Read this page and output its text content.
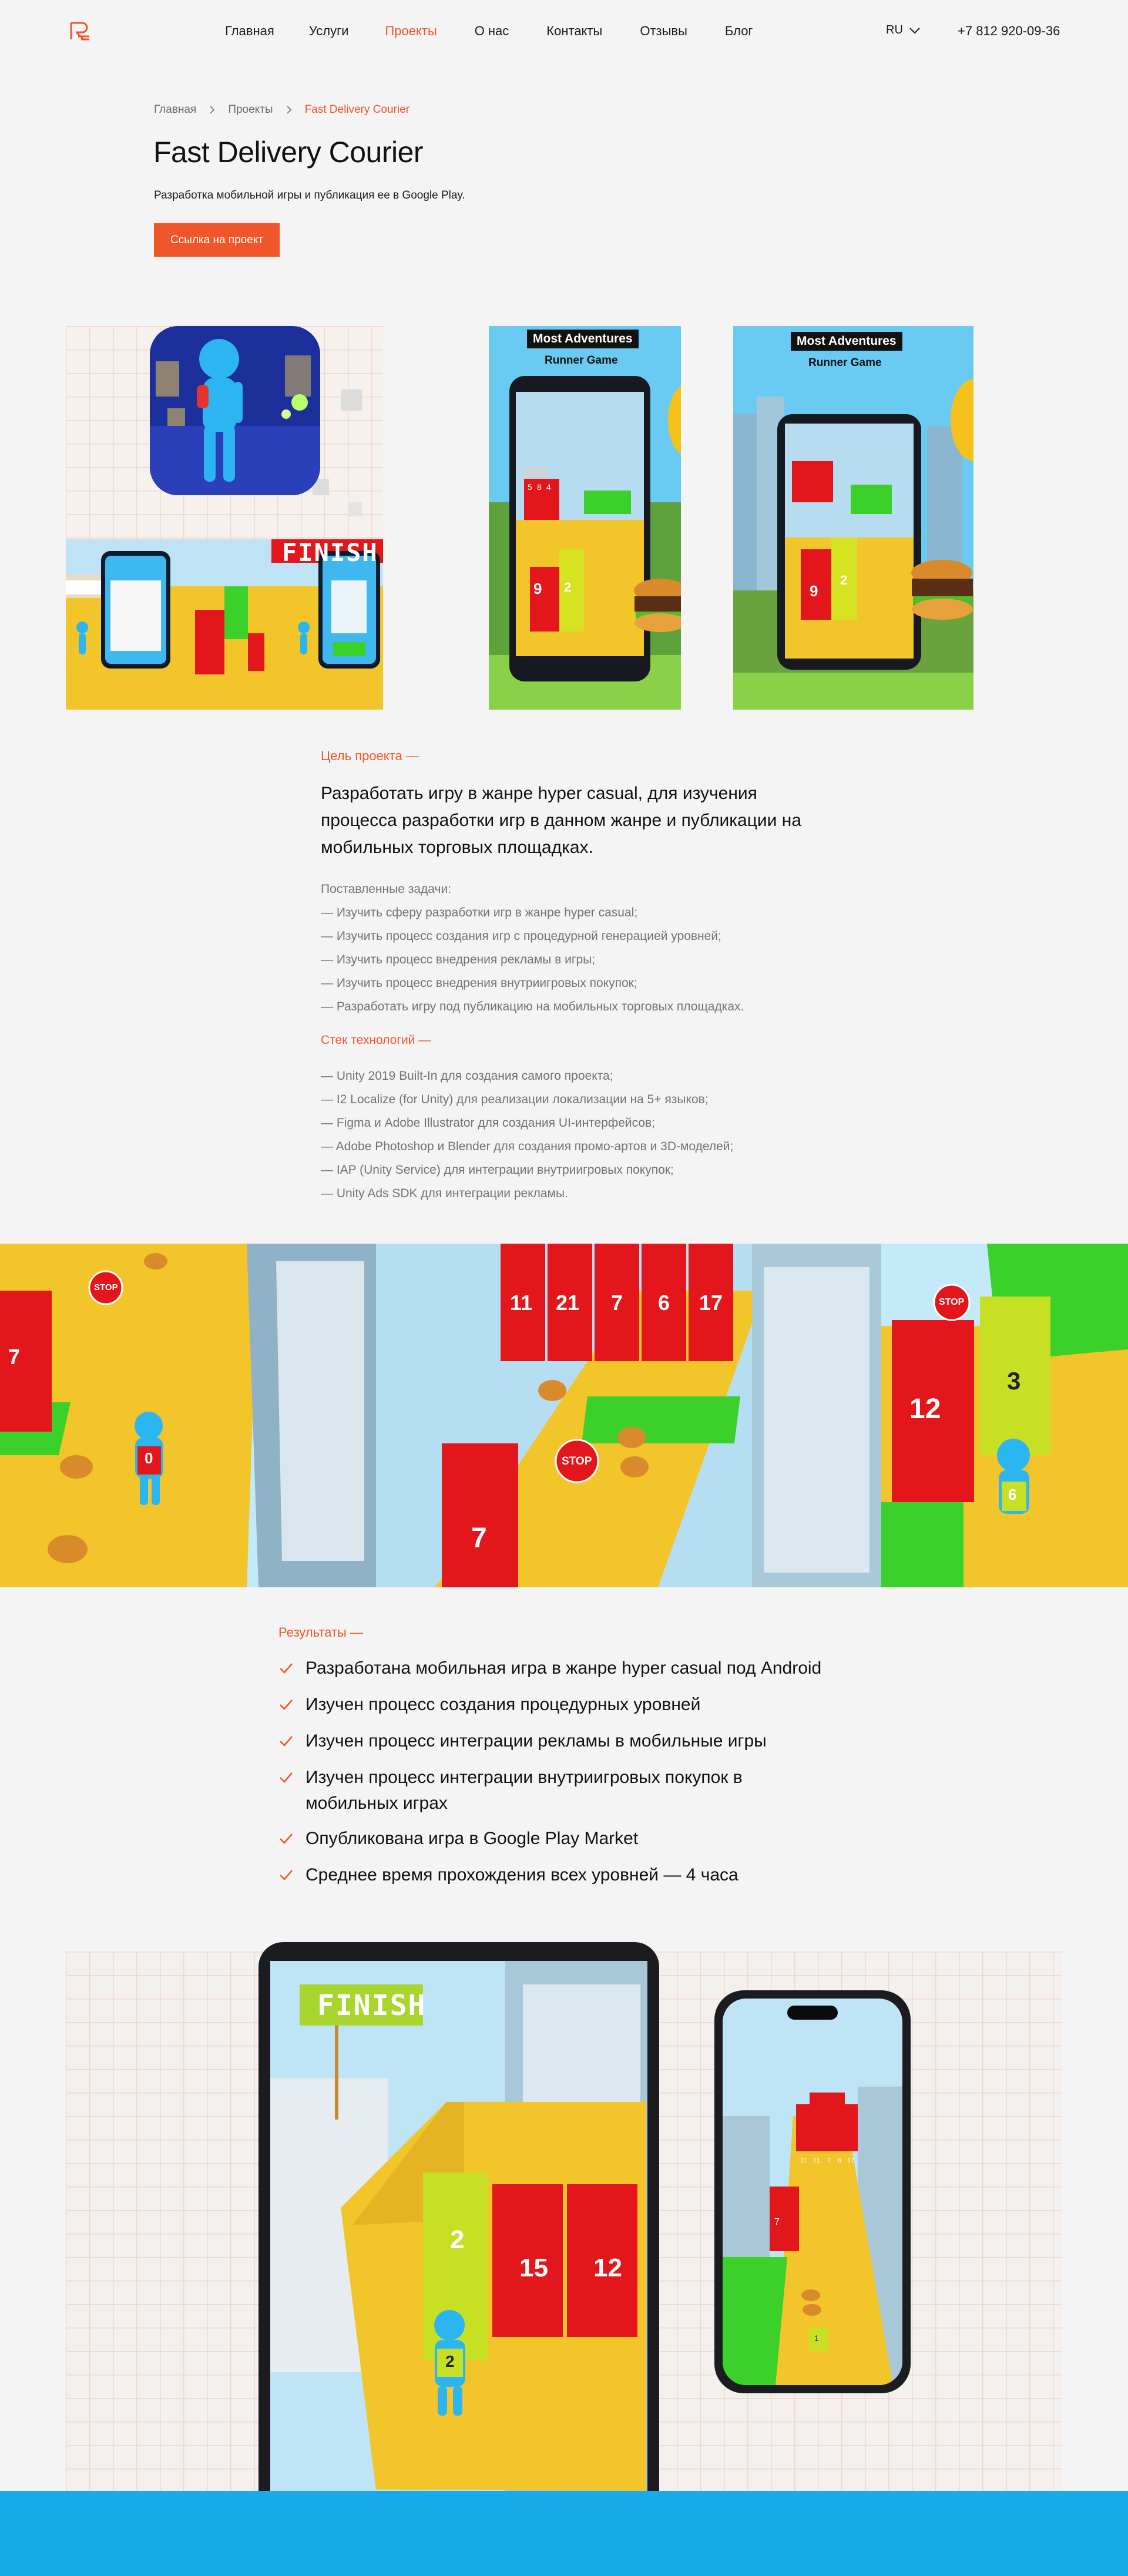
Главная	Услуги	Проекты	О нас	Контакты	Отзывы	Блог	RU	+7 812 920-09-36
Главная	Проекты	Fast Delivery Courier
Fast Delivery Courier
Разработка мобильной игры и публикация ее в Google Play.
Ссылка на проект
FINISH
Most Adventures
Runner Game
9 2
5 8 4
Most Adventures
Runner Game
9
2
Цель проекта —
Разработать игру в жанре hyper casual, для изучения процесса разработки игр в данном жанре и публикации на мобильных торговых площадках.
Поставленные задачи:
— Изучить сферу разработки игр в жанре hyper casual;
— Изучить процесс создания игр с процедурной генерацией уровней;
— Изучить процесс внедрения рекламы в игры;
— Изучить процесс внедрения внутриигровых покупок;
— Разработать игру под публикацию на мобильных торговых площадках.
Стек технологий —
— Unity 2019 Built-In для создания самого проекта;
— I2 Localize (for Unity) для реализации локализации на 5+ языков;
— Figma и Adobe Illustrator для создания UI-интерфейсов;
— Adobe Photoshop и Blender для создания промо-артов и 3D-моделей;
— IAP (Unity Service) для интеграции внутриигровых покупок;
— Unity Ads SDK для интеграции рекламы.
7
11 21 7 6 17
7
12
3
STOP
STOP
STOP
0
6
Результаты —
Разработана мобильная игра в жанре hyper casual под Android
Изучен процесс создания процедурных уровней
Изучен процесс интеграции рекламы в мобильные игры
Изучен процесс интеграции внутриигровых покупок в мобильных играх
Опубликована игра в Google Play Market
Среднее время прохождения всех уровней — 4 часа
FINISH
2
15 12
2
11 21 7 6 17
7
1
